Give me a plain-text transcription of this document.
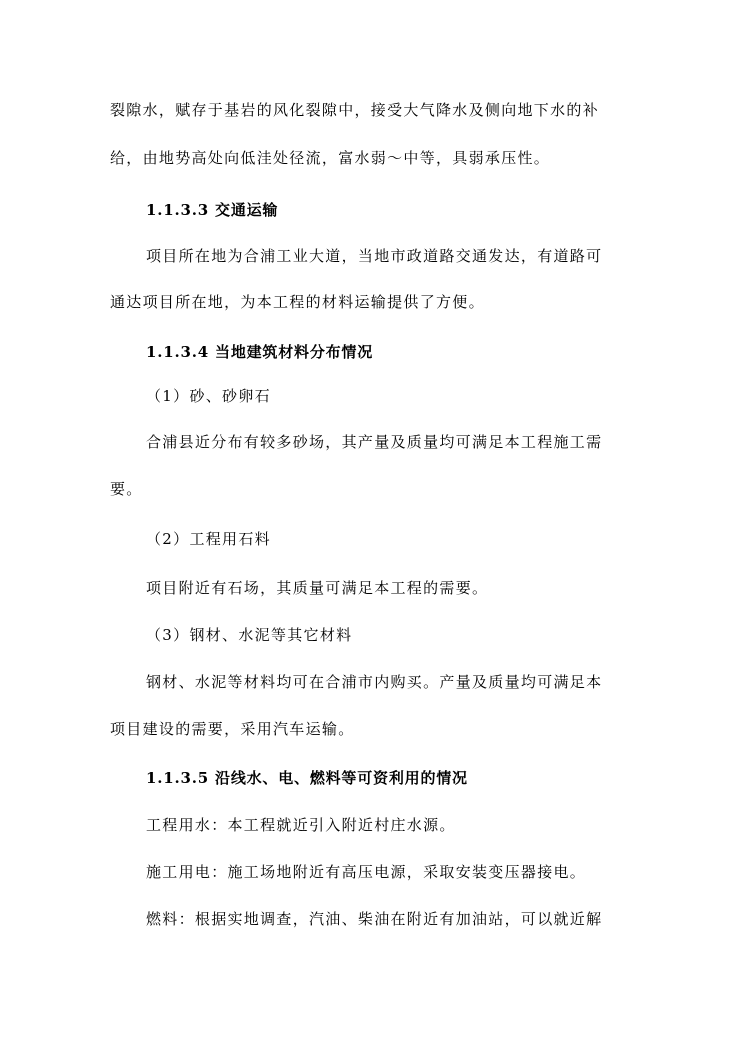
裂隙水，赋存于基岩的风化裂隙中，接受大气降水及侧向地下水的补

给，由地势高处向低洼处径流，富水弱～中等，具弱承压性。

1.1.3.3 交通运输

项目所在地为合浦工业大道，当地市政道路交通发达，有道路可

通达项目所在地，为本工程的材料运输提供了方便。

1.1.3.4 当地建筑材料分布情况

（1）砂、砂卵石

合浦县近分布有较多砂场，其产量及质量均可满足本工程施工需

要。

（2）工程用石料

项目附近有石场，其质量可满足本工程的需要。

（3）钢材、水泥等其它材料

钢材、水泥等材料均可在合浦市内购买。产量及质量均可满足本

项目建设的需要，采用汽车运输。

1.1.3.5 沿线水、电、燃料等可资利用的情况

工程用水：本工程就近引入附近村庄水源。

施工用电：施工场地附近有高压电源，采取安装变压器接电。

燃料：根据实地调查，汽油、柴油在附近有加油站，可以就近解
